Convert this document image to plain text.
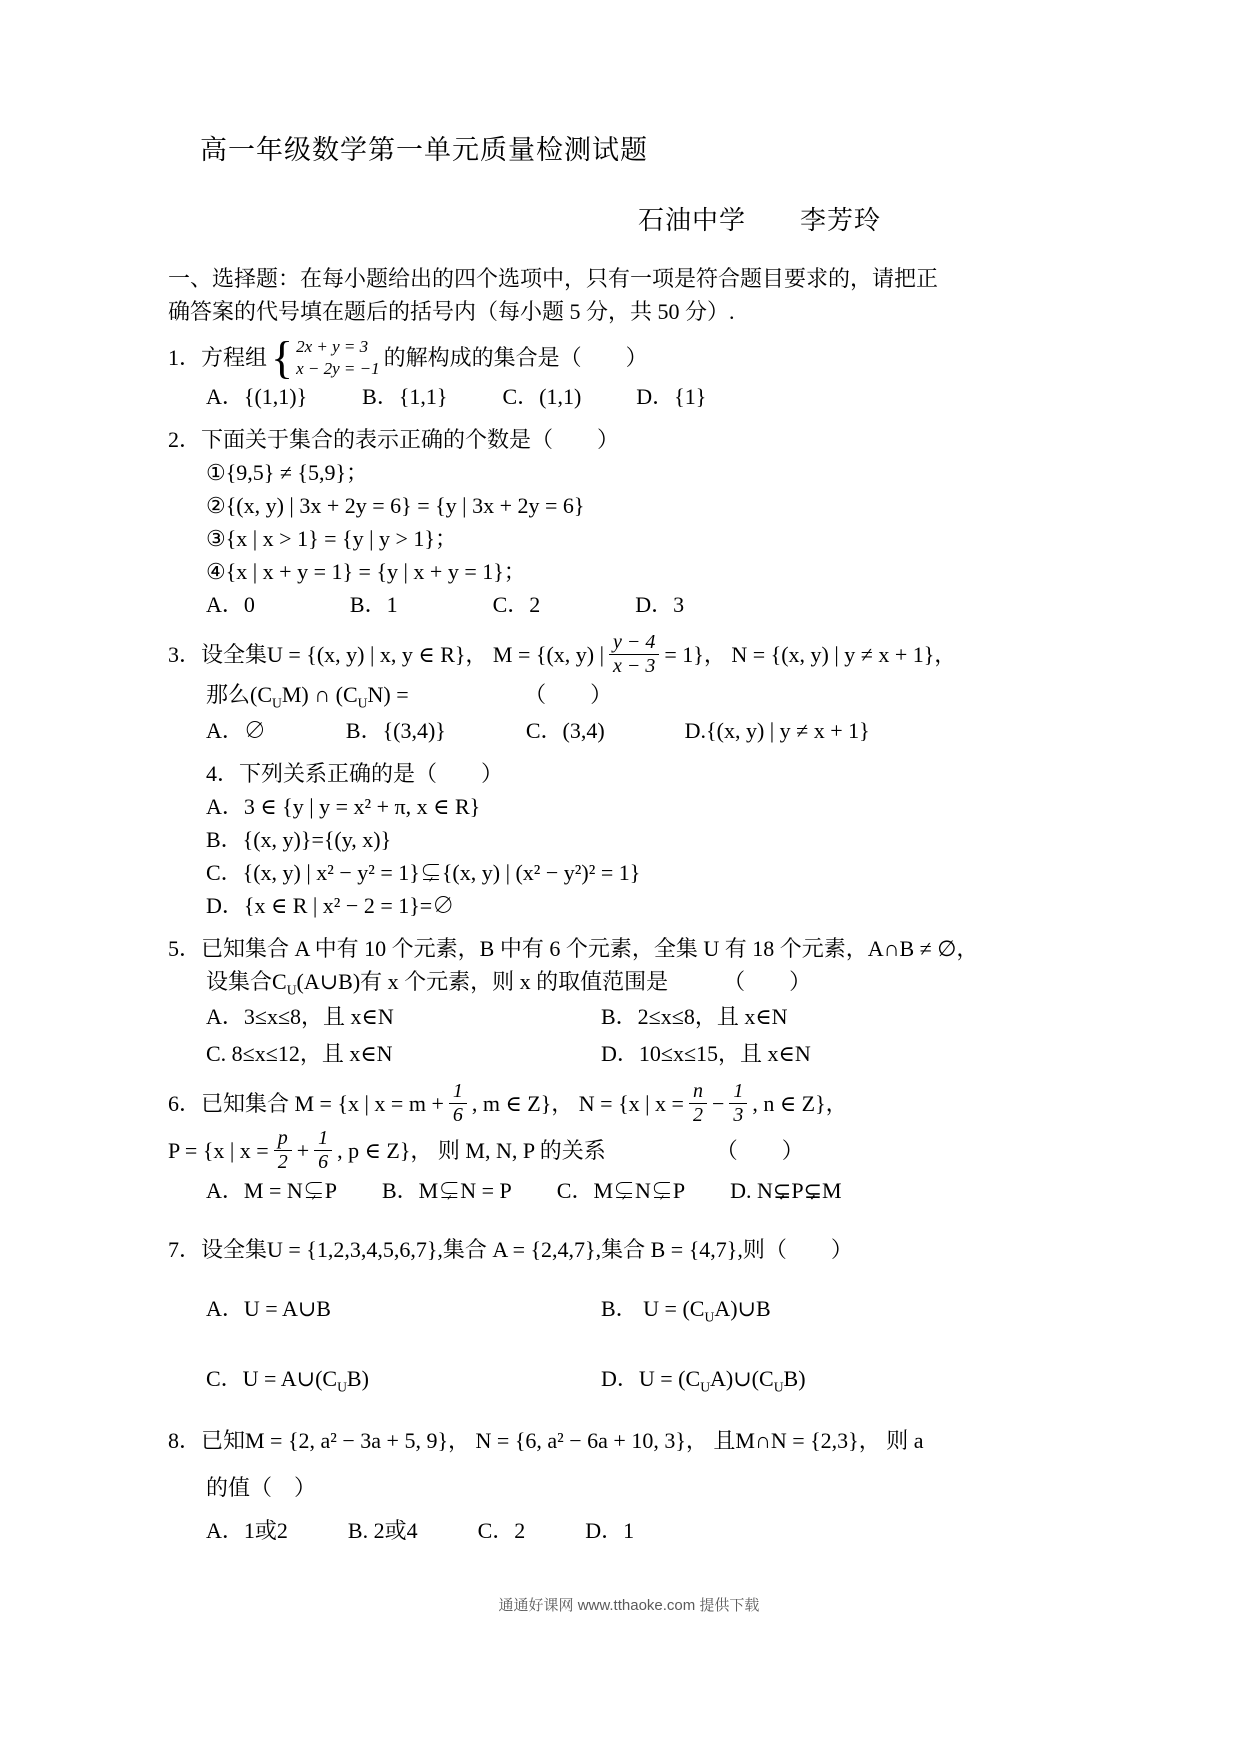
高一年级数学第一单元质量检测试题
石油中学　　李芳玲

一、选择题：在每小题给出的四个选项中，只有一项是符合题目要求的，请把正
确答案的代号填在题后的括号内（每小题 5 分，共 50 分）.

1．方程组 { 2x + y = 3
x − 2y = −1 的解构成的集合是（　　）
A．{(1,1)}	B．{1,1}	C．(1,1)	D．{1}
2．下面关于集合的表示正确的个数是（　　）
①{9,5} ≠ {5,9}；
②{(x, y) | 3x + 2y = 6} = {y | 3x + 2y = 6}
③{x | x > 1} = {y | y > 1}；
④{x | x + y = 1} = {y | x + y = 1}；
A．0	B．1	C．2	D．3
3．设全集U = {(x, y) | x, y ∈ R}， M = {(x, y) | $\frac{y - 4}{x - 3} = 1$}， N = {(x, y) | y ≠ x + 1}，
那么$(C_UM)$ ∩ $(C_UN)$ =	（　　）
A．∅	B．{(3,4)}	C．(3,4)	D.{(x, y) | y ≠ x + 1}
4．下列关系正确的是（　　）
A．3 ∈ {y | y = x² + π, x ∈ R}
B．{(x, y)}={(y, x)}
C．{(x, y) | x² − y² = 1}⊊{(x, y) | (x² − y²)² = 1}
D．{x ∈ R | x² − 2 = 1}=∅
5．已知集合 A 中有 10 个元素，B 中有 6 个元素，全集 U 有 18 个元素，A∩B ≠ ∅，
设集合$C_U(A\cup B)$有 x 个元素，则 x 的取值范围是　　　（　　）
A．3≤x≤8，且 x∈N	B．2≤x≤8，且 x∈N
C. 8≤x≤12，且 x∈N	D．10≤x≤15，且 x∈N
6．已知集合 M = {x | $x = m + \frac{1}{6}$ , m ∈ Z}， N = {x | $x = \frac{n}{2} - \frac{1}{3}$ , n ∈ Z}，
P = {x | $x = \frac{p}{2} + \frac{1}{6}$ , p ∈ Z}， 则 M, N, P 的关系	（　　）
A．M = N⊊P B．M⊊N = P C．M⊊N⊊P D. N⊊P⊊M
7．设全集U = {1,2,3,4,5,6,7},集合 A = {2,4,7},集合 B = {4,7},则（　　）
A．U = A∪B	B． $U = (C_UA)\cup B$
C．$U = A\cup(C_UB)$	D．$U = (C_UA)\cup(C_UB)$
8．已知M = {2, a² − 3a + 5, 9}， N = {6, a² − 6a + 10, 3}， 且M∩N = {2,3}， 则 a
的值（　）
A．1或2	B. 2或4	C．2	D．1
通通好课网 www.tthaoke.com 提供下载
